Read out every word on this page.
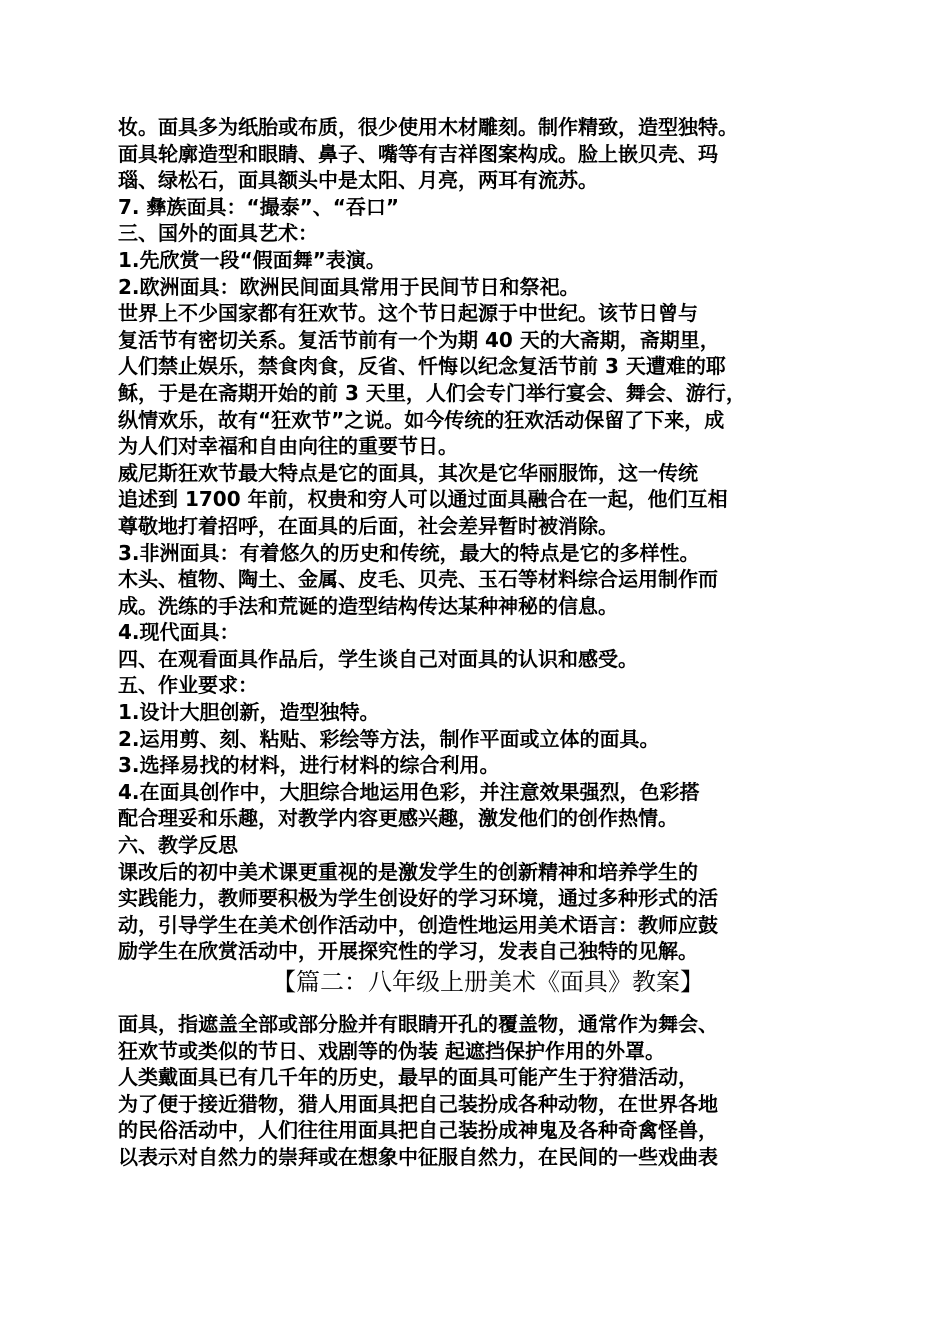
妆。面具多为纸胎或布质，很少使用木材雕刻。制作精致，造型独特。
面具轮廓造型和眼睛、鼻子、嘴等有吉祥图案构成。脸上嵌贝壳、玛
瑙、绿松石，面具额头中是太阳、月亮，两耳有流苏。
7. 彝族面具：“撮泰”、“吞口”
三、国外的面具艺术：
1.先欣赏一段“假面舞”表演。
2.欧洲面具：欧洲民间面具常用于民间节日和祭祀。
世界上不少国家都有狂欢节。这个节日起源于中世纪。该节日曾与
复活节有密切关系。复活节前有一个为期 40 天的大斋期，斋期里，
人们禁止娱乐，禁食肉食，反省、忏悔以纪念复活节前 3 天遭难的耶
稣，于是在斋期开始的前 3 天里，人们会专门举行宴会、舞会、游行，
纵情欢乐，故有“狂欢节”之说。如今传统的狂欢活动保留了下来，成
为人们对幸福和自由向往的重要节日。
威尼斯狂欢节最大特点是它的面具，其次是它华丽服饰，这一传统
追述到 1700 年前，权贵和穷人可以通过面具融合在一起，他们互相
尊敬地打着招呼，在面具的后面，社会差异暂时被消除。
3.非洲面具：有着悠久的历史和传统，最大的特点是它的多样性。
木头、植物、陶土、金属、皮毛、贝壳、玉石等材料综合运用制作而
成。洗练的手法和荒诞的造型结构传达某种神秘的信息。
4.现代面具：
四、在观看面具作品后，学生谈自己对面具的认识和感受。
五、作业要求：
1.设计大胆创新，造型独特。
2.运用剪、刻、粘贴、彩绘等方法，制作平面或立体的面具。
3.选择易找的材料，进行材料的综合利用。
4.在面具创作中，大胆综合地运用色彩，并注意效果强烈，色彩搭
配合理妥和乐趣，对教学内容更感兴趣，激发他们的创作热情。
六、教学反思
课改后的初中美术课更重视的是激发学生的创新精神和培养学生的
实践能力，教师要积极为学生创设好的学习环境，通过多种形式的活
动，引导学生在美术创作活动中，创造性地运用美术语言：教师应鼓
励学生在欣赏活动中，开展探究性的学习，发表自己独特的见解。
【篇二：八年级上册美术《面具》教案】
面具，指遮盖全部或部分脸并有眼睛开孔的覆盖物，通常作为舞会、
狂欢节或类似的节日、戏剧等的伪装 起遮挡保护作用的外罩。
人类戴面具已有几千年的历史，最早的面具可能产生于狩猎活动，
为了便于接近猎物，猎人用面具把自己装扮成各种动物，在世界各地
的民俗活动中，人们往往用面具把自己装扮成神鬼及各种奇禽怪兽，
以表示对自然力的崇拜或在想象中征服自然力，在民间的一些戏曲表
